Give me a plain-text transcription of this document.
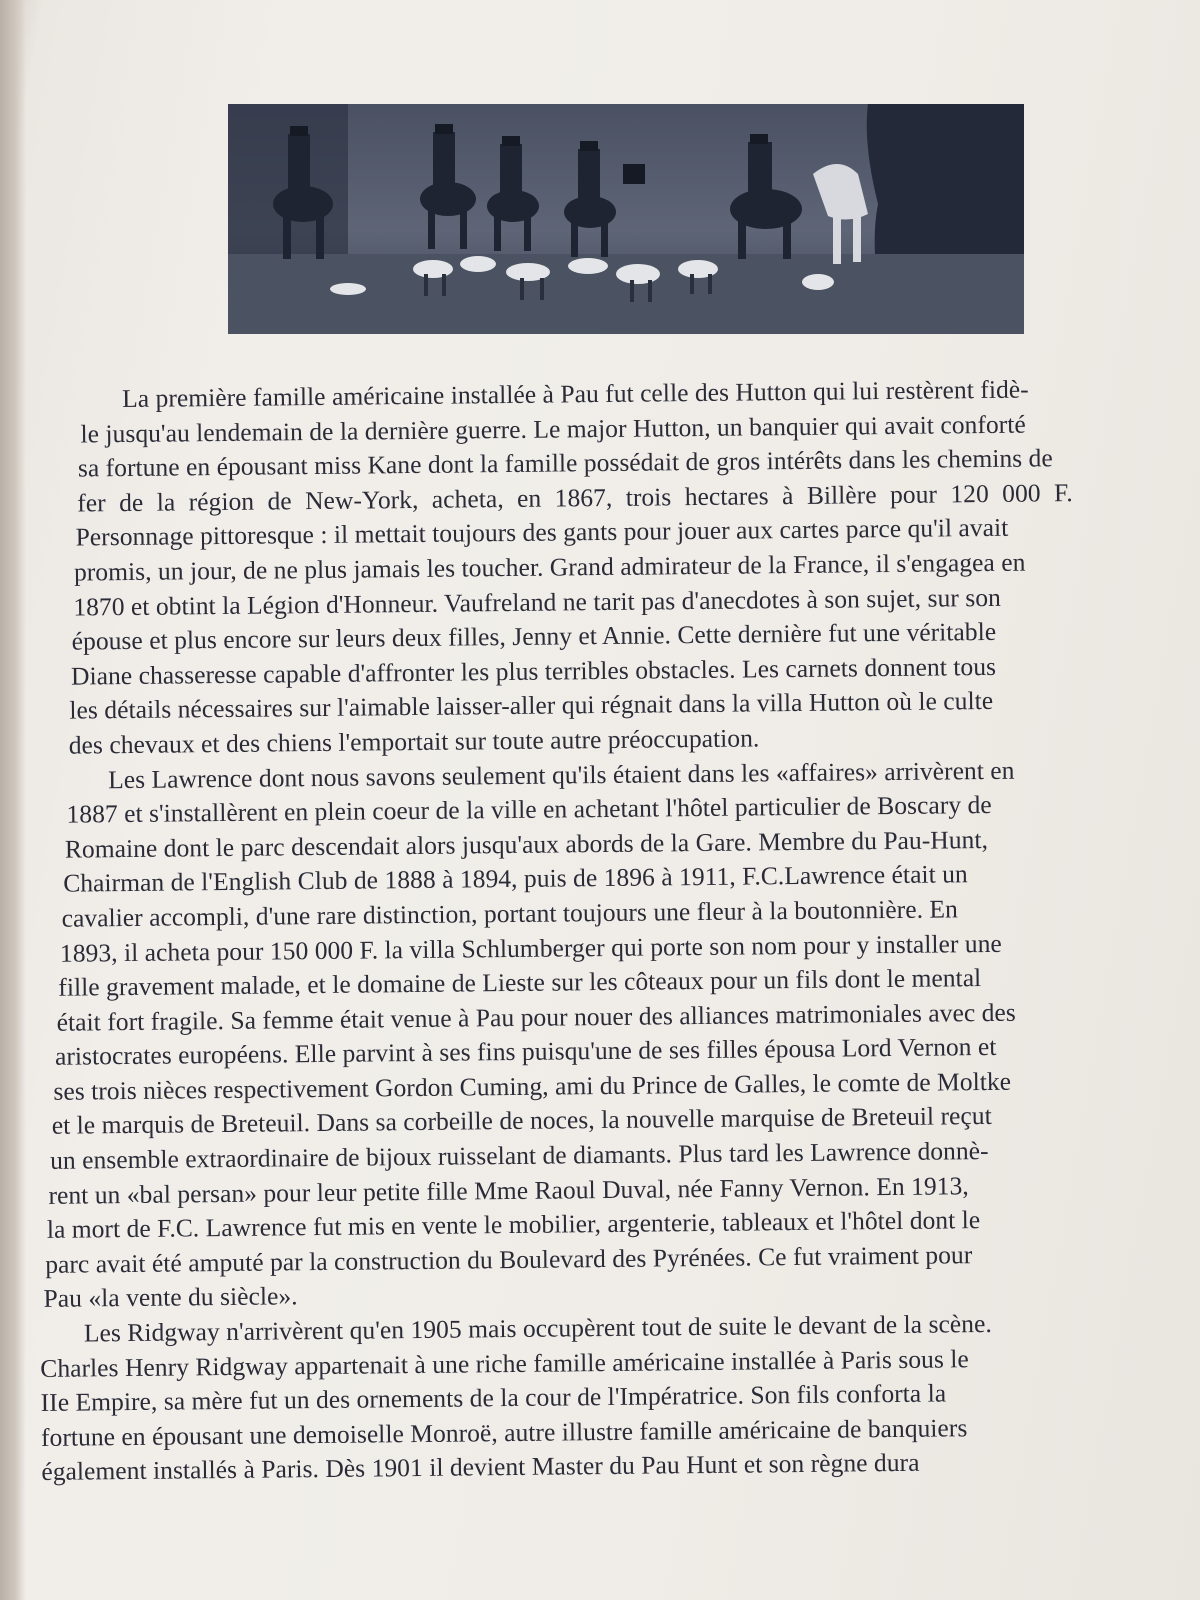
La première famille américaine installée à Pau fut celle des Hutton qui lui restèrent fidè-
le jusqu'au lendemain de la dernière guerre. Le major Hutton, un banquier qui avait conforté
sa fortune en épousant miss Kane dont la famille possédait de gros intérêts dans les chemins de
fer de la région de New-York, acheta, en 1867, trois hectares à Billère pour 120 000 F.
Personnage pittoresque : il mettait toujours des gants pour jouer aux cartes parce qu'il avait
promis, un jour, de ne plus jamais les toucher. Grand admirateur de la France, il s'engagea en
1870 et obtint la Légion d'Honneur. Vaufreland ne tarit pas d'anecdotes à son sujet, sur son
épouse et plus encore sur leurs deux filles, Jenny et Annie. Cette dernière fut une véritable
Diane chasseresse capable d'affronter les plus terribles obstacles. Les carnets donnent tous
les détails nécessaires sur l'aimable laisser-aller qui régnait dans la villa Hutton où le culte
des chevaux et des chiens l'emportait sur toute autre préoccupation.
Les Lawrence dont nous savons seulement qu'ils étaient dans les «affaires» arrivèrent en
1887 et s'installèrent en plein coeur de la ville en achetant l'hôtel particulier de Boscary de
Romaine dont le parc descendait alors jusqu'aux abords de la Gare. Membre du Pau-Hunt,
Chairman de l'English Club de 1888 à 1894, puis de 1896 à 1911, F.C.Lawrence était un
cavalier accompli, d'une rare distinction, portant toujours une fleur à la boutonnière. En
1893, il acheta pour 150 000 F. la villa Schlumberger qui porte son nom pour y installer une
fille gravement malade, et le domaine de Lieste sur les côteaux pour un fils dont le mental
était fort fragile. Sa femme était venue à Pau pour nouer des alliances matrimoniales avec des
aristocrates européens. Elle parvint à ses fins puisqu'une de ses filles épousa Lord Vernon et
ses trois nièces respectivement Gordon Cuming, ami du Prince de Galles, le comte de Moltke
et le marquis de Breteuil. Dans sa corbeille de noces, la nouvelle marquise de Breteuil reçut
un ensemble extraordinaire de bijoux ruisselant de diamants. Plus tard les Lawrence donnè-
rent un «bal persan» pour leur petite fille Mme Raoul Duval, née Fanny Vernon. En 1913,
la mort de F.C. Lawrence fut mis en vente le mobilier, argenterie, tableaux et l'hôtel dont le
parc avait été amputé par la construction du Boulevard des Pyrénées. Ce fut vraiment pour
Pau «la vente du siècle».
Les Ridgway n'arrivèrent qu'en 1905 mais occupèrent tout de suite le devant de la scène.
Charles Henry Ridgway appartenait à une riche famille américaine installée à Paris sous le
IIe Empire, sa mère fut un des ornements de la cour de l'Impératrice. Son fils conforta la
fortune en épousant une demoiselle Monroë, autre illustre famille américaine de banquiers
également installés à Paris. Dès 1901 il devient Master du Pau Hunt et son règne dura
